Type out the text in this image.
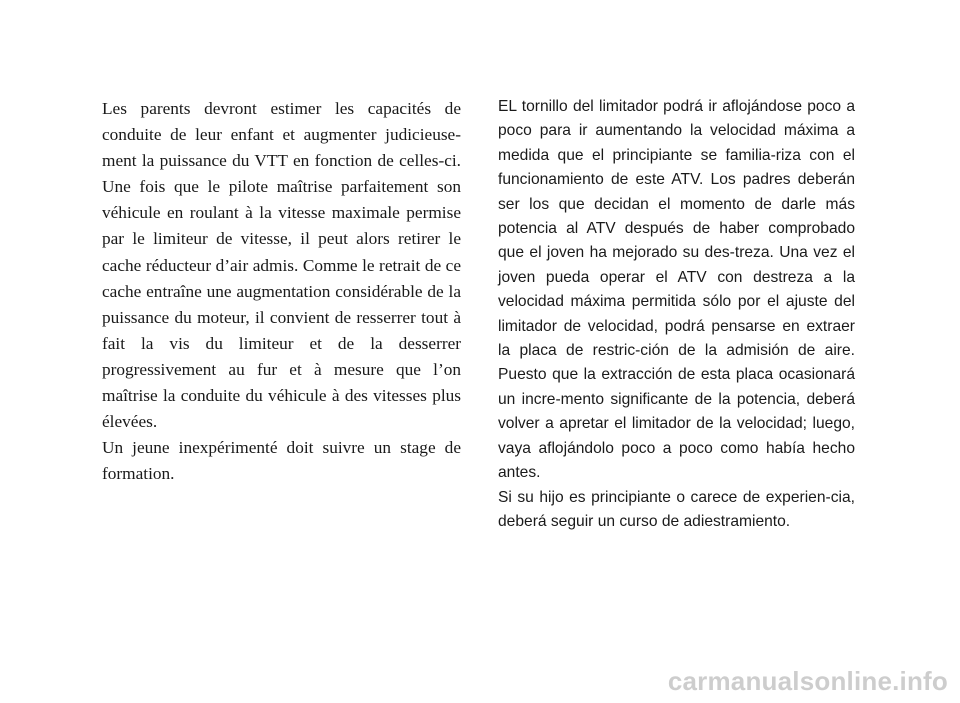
Les parents devront estimer les capacités de conduite de leur enfant et augmenter judicieuse-ment la puissance du VTT en fonction de celles-ci. Une fois que le pilote maîtrise parfaitement son véhicule en roulant à la vitesse maximale permise par le limiteur de vitesse, il peut alors retirer le cache réducteur d’air admis. Comme le retrait de ce cache entraîne une augmentation considérable de la puissance du moteur, il convient de resserrer tout à fait la vis du limiteur et de la desserrer progressivement au fur et à mesure que l’on maîtrise la conduite du véhicule à des vitesses plus élevées.

Un jeune inexpérimenté doit suivre un stage de formation.

EL tornillo del limitador podrá ir aflojándose poco a poco para ir aumentando la velocidad máxima a medida que el principiante se familia-riza con el funcionamiento de este ATV. Los padres deberán ser los que decidan el momento de darle más potencia al ATV después de haber comprobado que el joven ha mejorado su des-treza. Una vez el joven pueda operar el ATV con destreza a la velocidad máxima permitida sólo por el ajuste del limitador de velocidad, podrá pensarse en extraer la placa de restric-ción de la admisión de aire. Puesto que la extracción de esta placa ocasionará un incre-mento significante de la potencia, deberá volver a apretar el limitador de la velocidad; luego, vaya aflojándolo poco a poco como había hecho antes.

Si su hijo es principiante o carece de experien-cia, deberá seguir un curso de adiestramiento.

carmanualsonline.info
